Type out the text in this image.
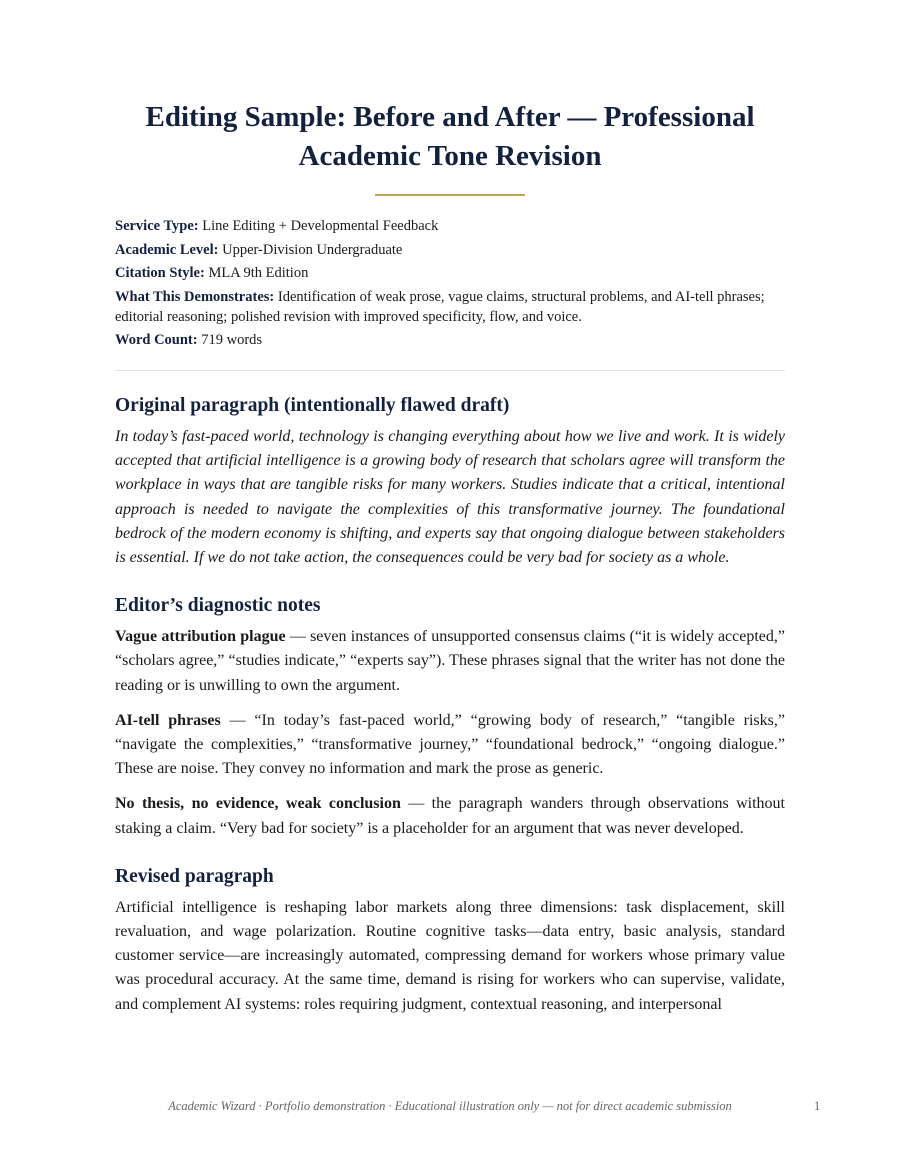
Editing Sample: Before and After — Professional Academic Tone Revision

Service Type: Line Editing + Developmental Feedback

Academic Level: Upper-Division Undergraduate

Citation Style: MLA 9th Edition

What This Demonstrates: Identification of weak prose, vague claims, structural problems, and AI-tell phrases; editorial reasoning; polished revision with improved specificity, flow, and voice.

Word Count: 719 words

Original paragraph (intentionally flawed draft)

In today’s fast-paced world, technology is changing everything about how we live and work. It is widely accepted that artificial intelligence is a growing body of research that scholars agree will transform the workplace in ways that are tangible risks for many workers. Studies indicate that a critical, intentional approach is needed to navigate the complexities of this transformative journey. The foundational bedrock of the modern economy is shifting, and experts say that ongoing dialogue between stakeholders is essential. If we do not take action, the consequences could be very bad for society as a whole.

Editor’s diagnostic notes

Vague attribution plague — seven instances of unsupported consensus claims (“it is widely accepted,” “scholars agree,” “studies indicate,” “experts say”). These phrases signal that the writer has not done the reading or is unwilling to own the argument.

AI-tell phrases — “In today’s fast-paced world,” “growing body of research,” “tangible risks,” “navigate the complexities,” “transformative journey,” “foundational bedrock,” “ongoing dialogue.” These are noise. They convey no information and mark the prose as generic.

No thesis, no evidence, weak conclusion — the paragraph wanders through observations without staking a claim. “Very bad for society” is a placeholder for an argument that was never developed.

Revised paragraph

Artificial intelligence is reshaping labor markets along three dimensions: task displacement, skill revaluation, and wage polarization. Routine cognitive tasks—data entry, basic analysis, standard customer service—are increasingly automated, compressing demand for workers whose primary value was procedural accuracy. At the same time, demand is rising for workers who can supervise, validate, and complement AI systems: roles requiring judgment, contextual reasoning, and interpersonal

Academic Wizard · Portfolio demonstration · Educational illustration only — not for direct academic submission	1
